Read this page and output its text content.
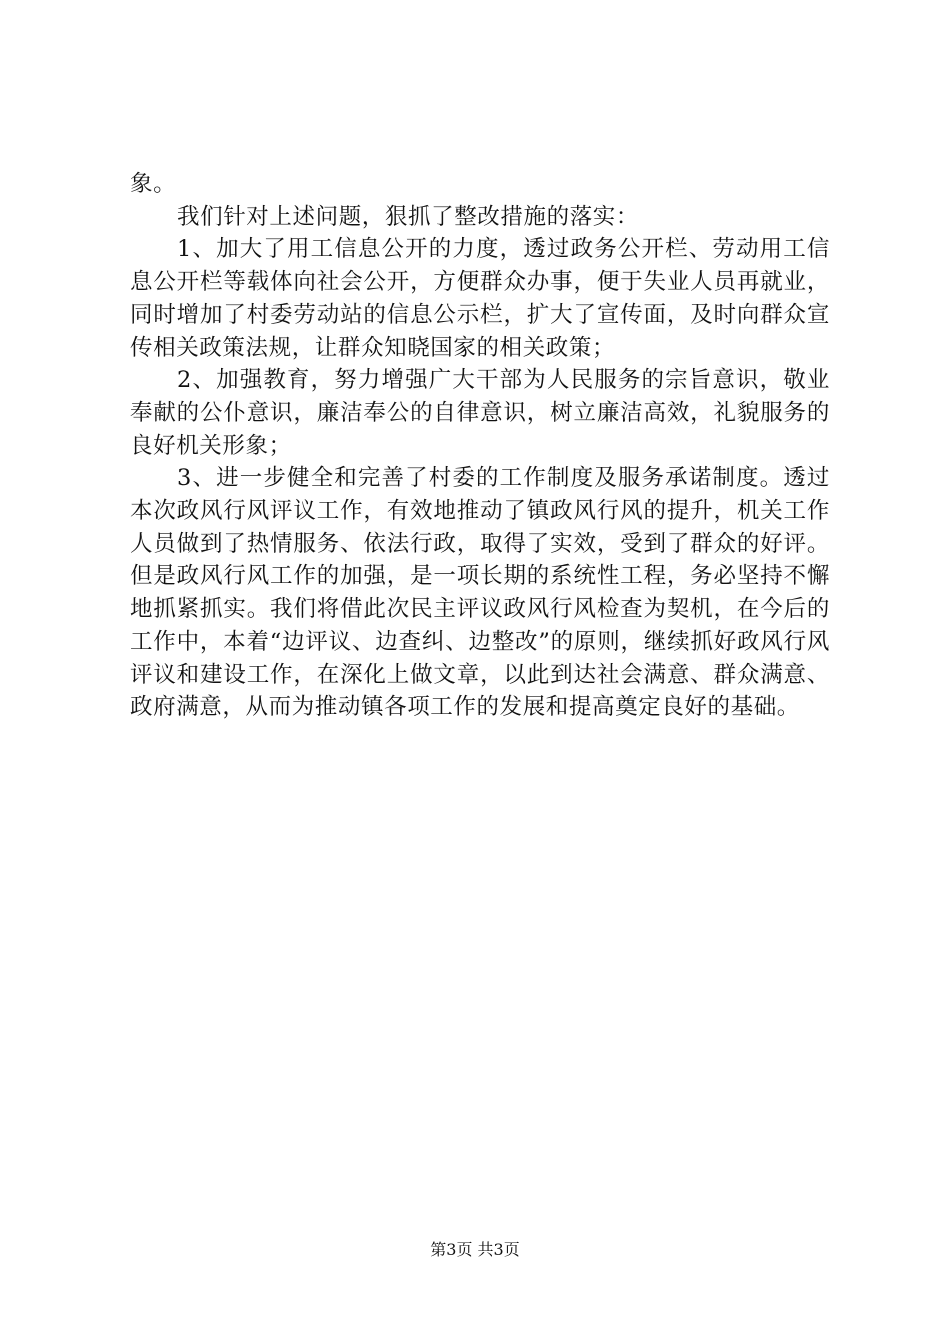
象。

我们针对上述问题，狠抓了整改措施的落实：

1、加大了用工信息公开的力度，透过政务公开栏、劳动用工信息公开栏等载体向社会公开，方便群众办事，便于失业人员再就业，同时增加了村委劳动站的信息公示栏，扩大了宣传面，及时向群众宣传相关政策法规，让群众知晓国家的相关政策；

2、加强教育，努力增强广大干部为人民服务的宗旨意识，敬业奉献的公仆意识，廉洁奉公的自律意识，树立廉洁高效，礼貌服务的良好机关形象；

3、进一步健全和完善了村委的工作制度及服务承诺制度。透过本次政风行风评议工作，有效地推动了镇政风行风的提升，机关工作人员做到了热情服务、依法行政，取得了实效，受到了群众的好评。但是政风行风工作的加强，是一项长期的系统性工程，务必坚持不懈地抓紧抓实。我们将借此次民主评议政风行风检查为契机，在今后的工作中，本着“边评议、边查纠、边整改”的原则，继续抓好政风行风评议和建设工作，在深化上做文章，以此到达社会满意、群众满意、政府满意，从而为推动镇各项工作的发展和提高奠定良好的基础。

第3页 共3页
